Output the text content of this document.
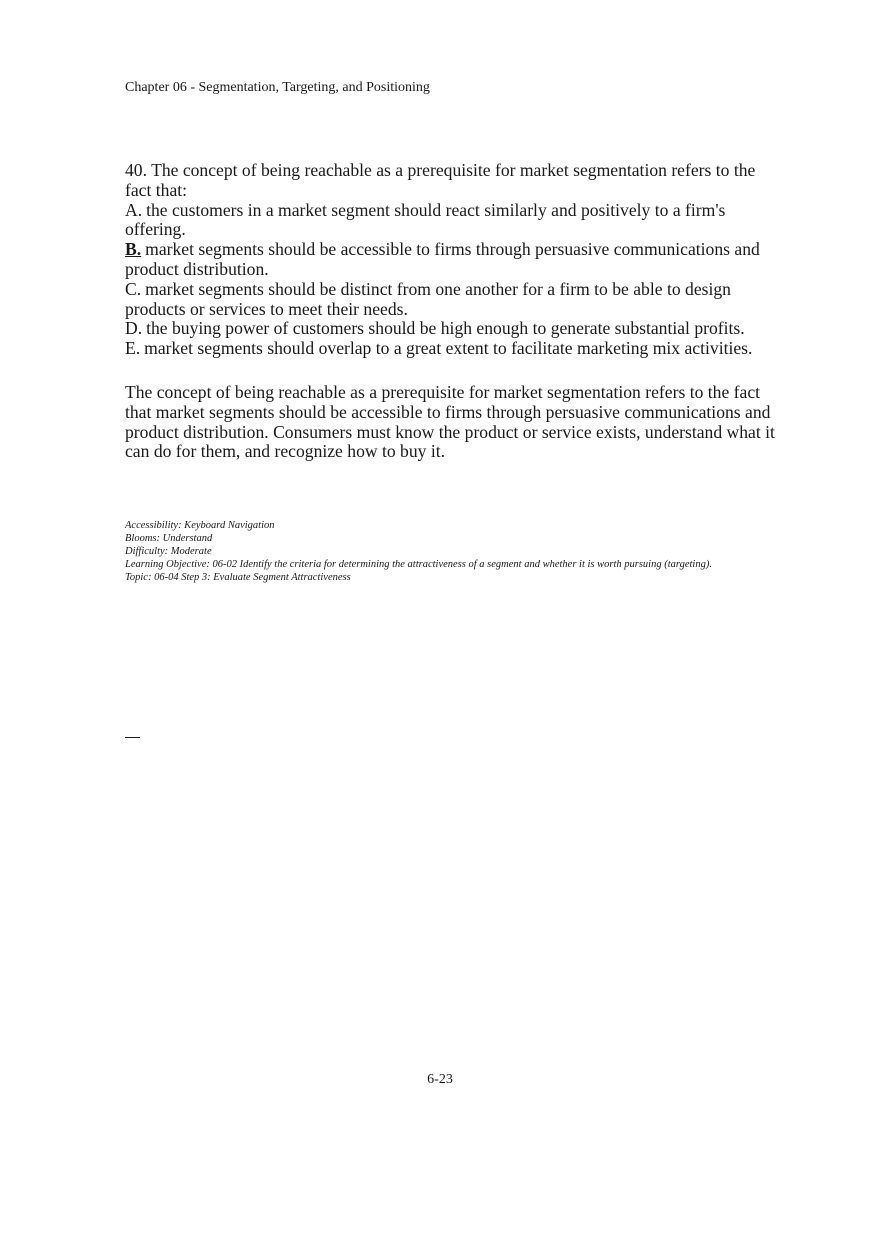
Chapter 06 - Segmentation, Targeting, and Positioning

40. The concept of being reachable as a prerequisite for market segmentation refers to the fact that:

A. the customers in a market segment should react similarly and positively to a firm's offering.

B. market segments should be accessible to firms through persuasive communications and product distribution.

C. market segments should be distinct from one another for a firm to be able to design products or services to meet their needs.

D. the buying power of customers should be high enough to generate substantial profits.

E. market segments should overlap to a great extent to facilitate marketing mix activities.

The concept of being reachable as a prerequisite for market segmentation refers to the fact that market segments should be accessible to firms through persuasive communications and product distribution. Consumers must know the product or service exists, understand what it can do for them, and recognize how to buy it.

Accessibility: Keyboard Navigation
Blooms: Understand
Difficulty: Moderate
Learning Objective: 06-02 Identify the criteria for determining the attractiveness of a segment and whether it is worth pursuing (targeting).
Topic: 06-04 Step 3: Evaluate Segment Attractiveness
6-23
